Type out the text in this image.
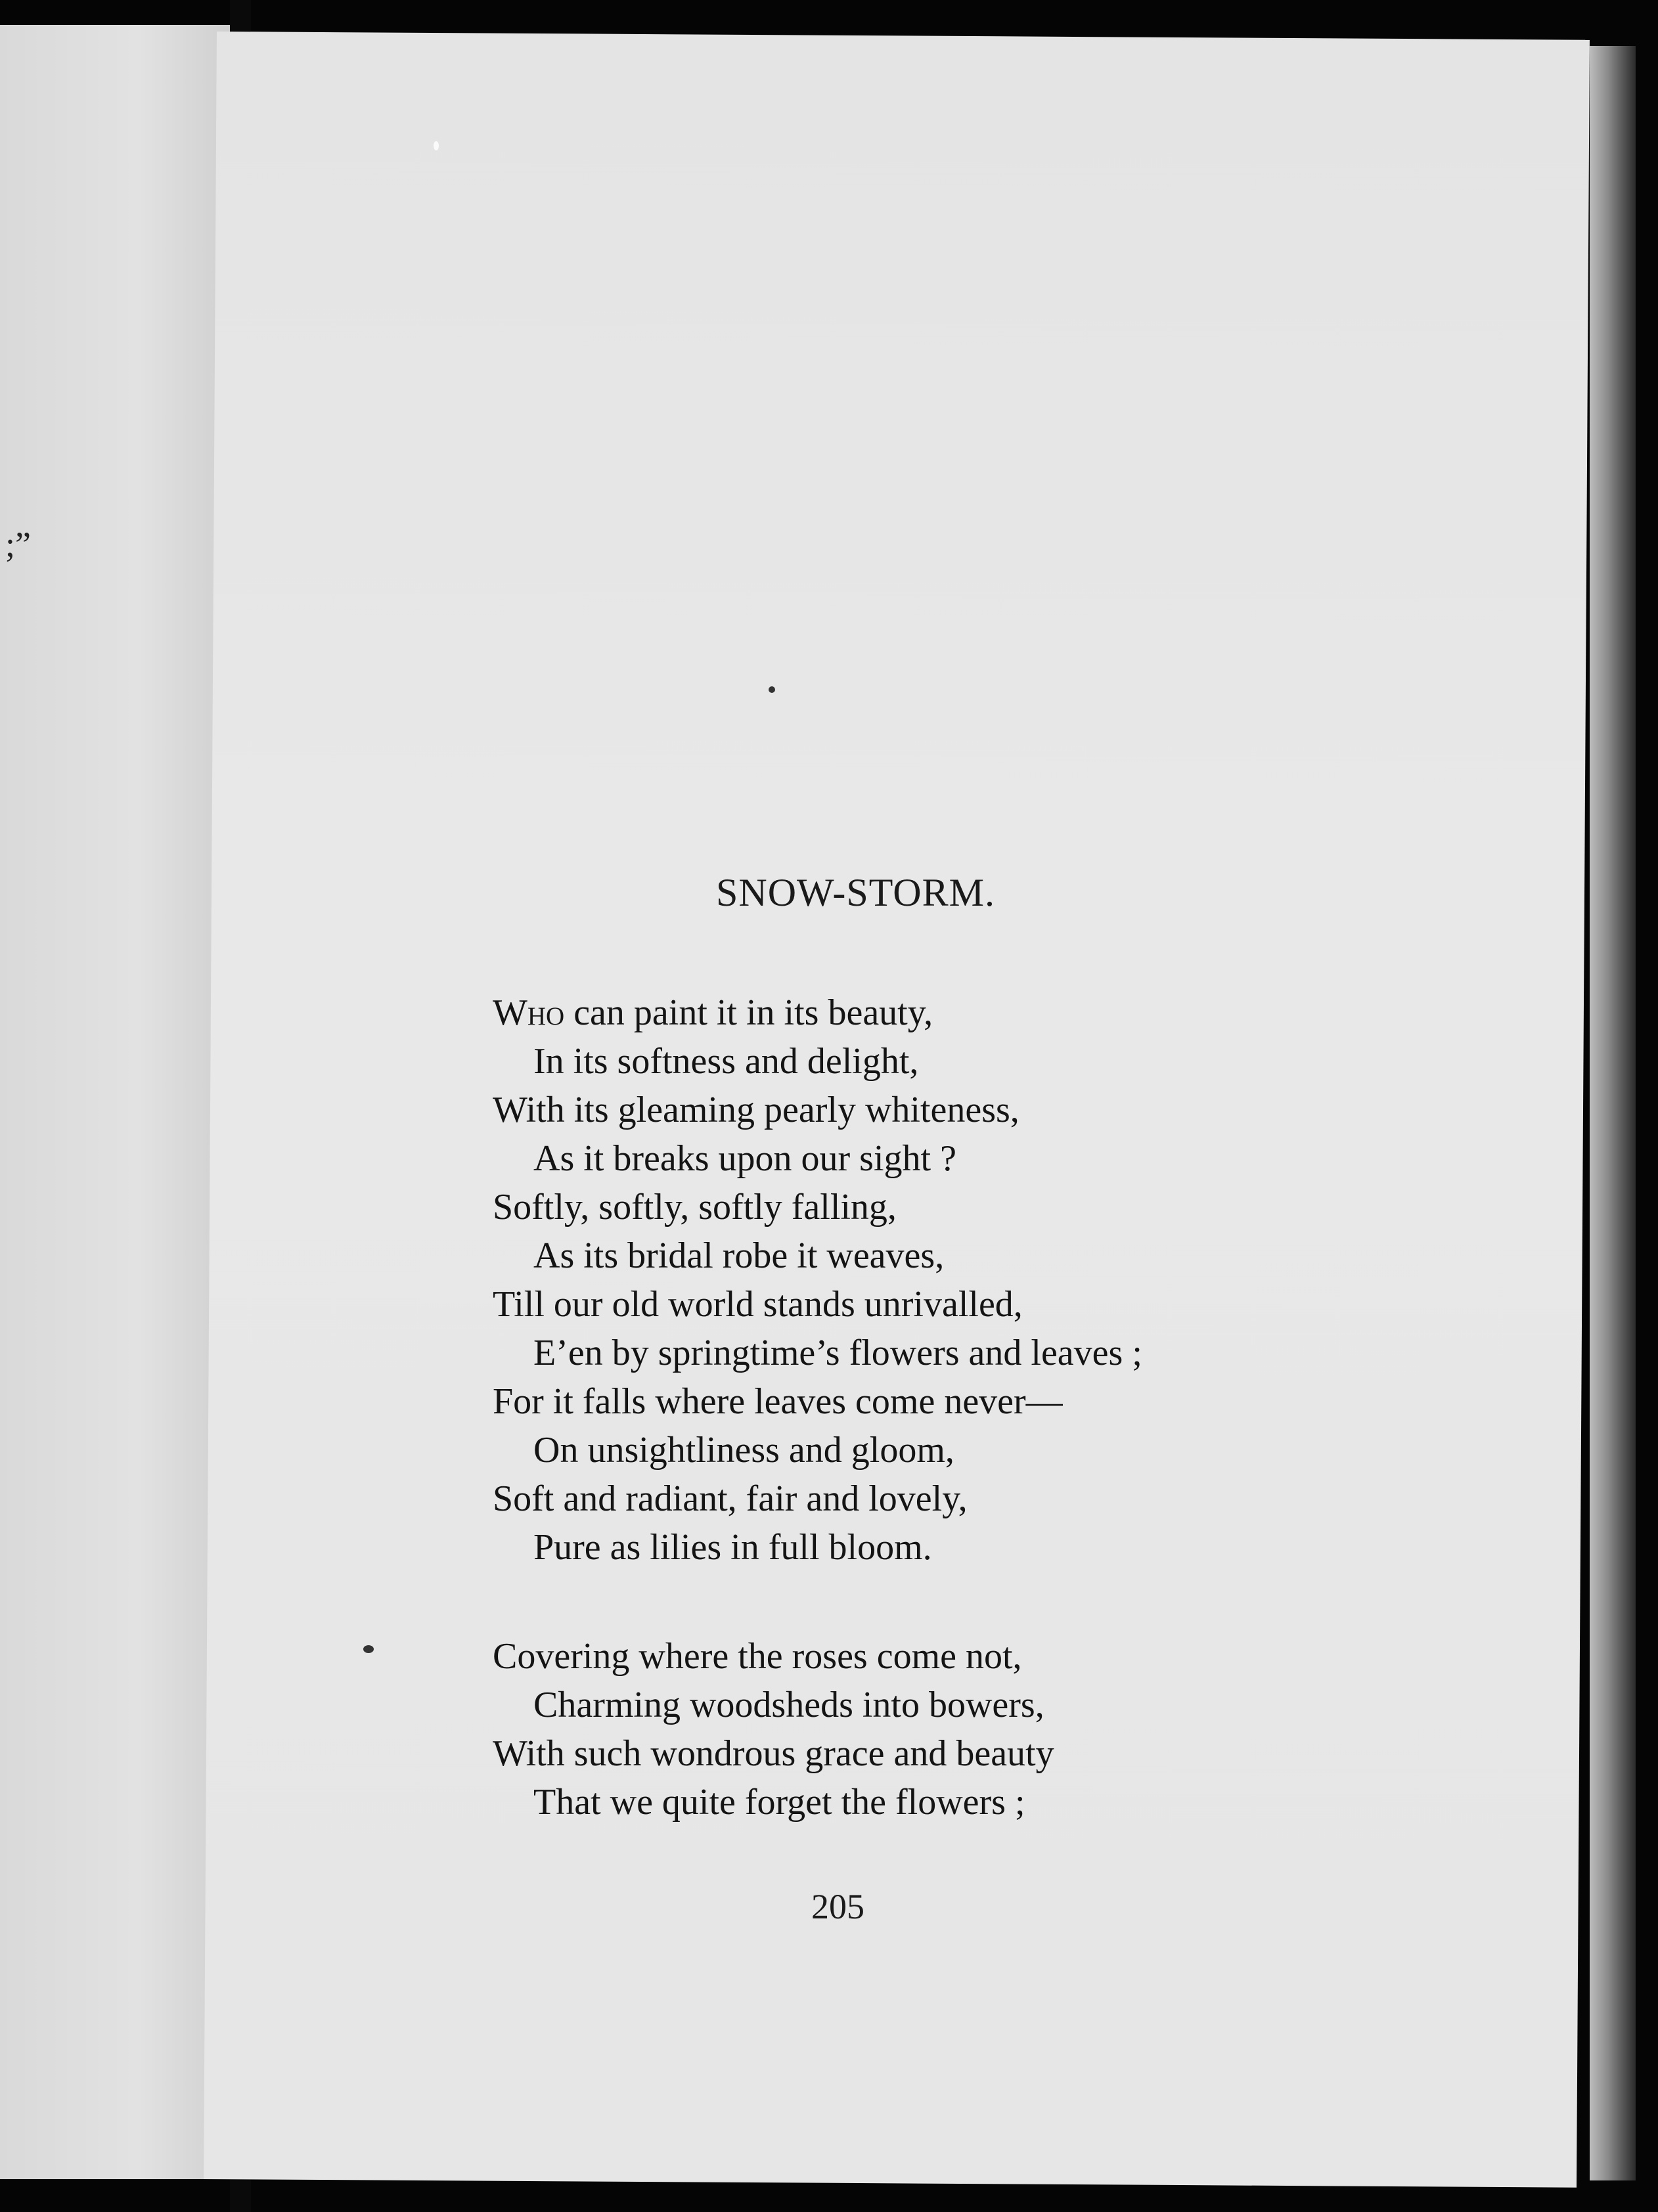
;”
SNOW-STORM.
Who can paint it in its beauty,
In its softness and delight,
With its gleaming pearly whiteness,
As it breaks upon our sight ?
Softly, softly, softly falling,
As its bridal robe it weaves,
Till our old world stands unrivalled,
E’en by springtime’s flowers and leaves ;
For it falls where leaves come never—
On unsightliness and gloom,
Soft and radiant, fair and lovely,
Pure as lilies in full bloom.
Covering where the roses come not,
Charming woodsheds into bowers,
With such wondrous grace and beauty
That we quite forget the flowers ;
205
